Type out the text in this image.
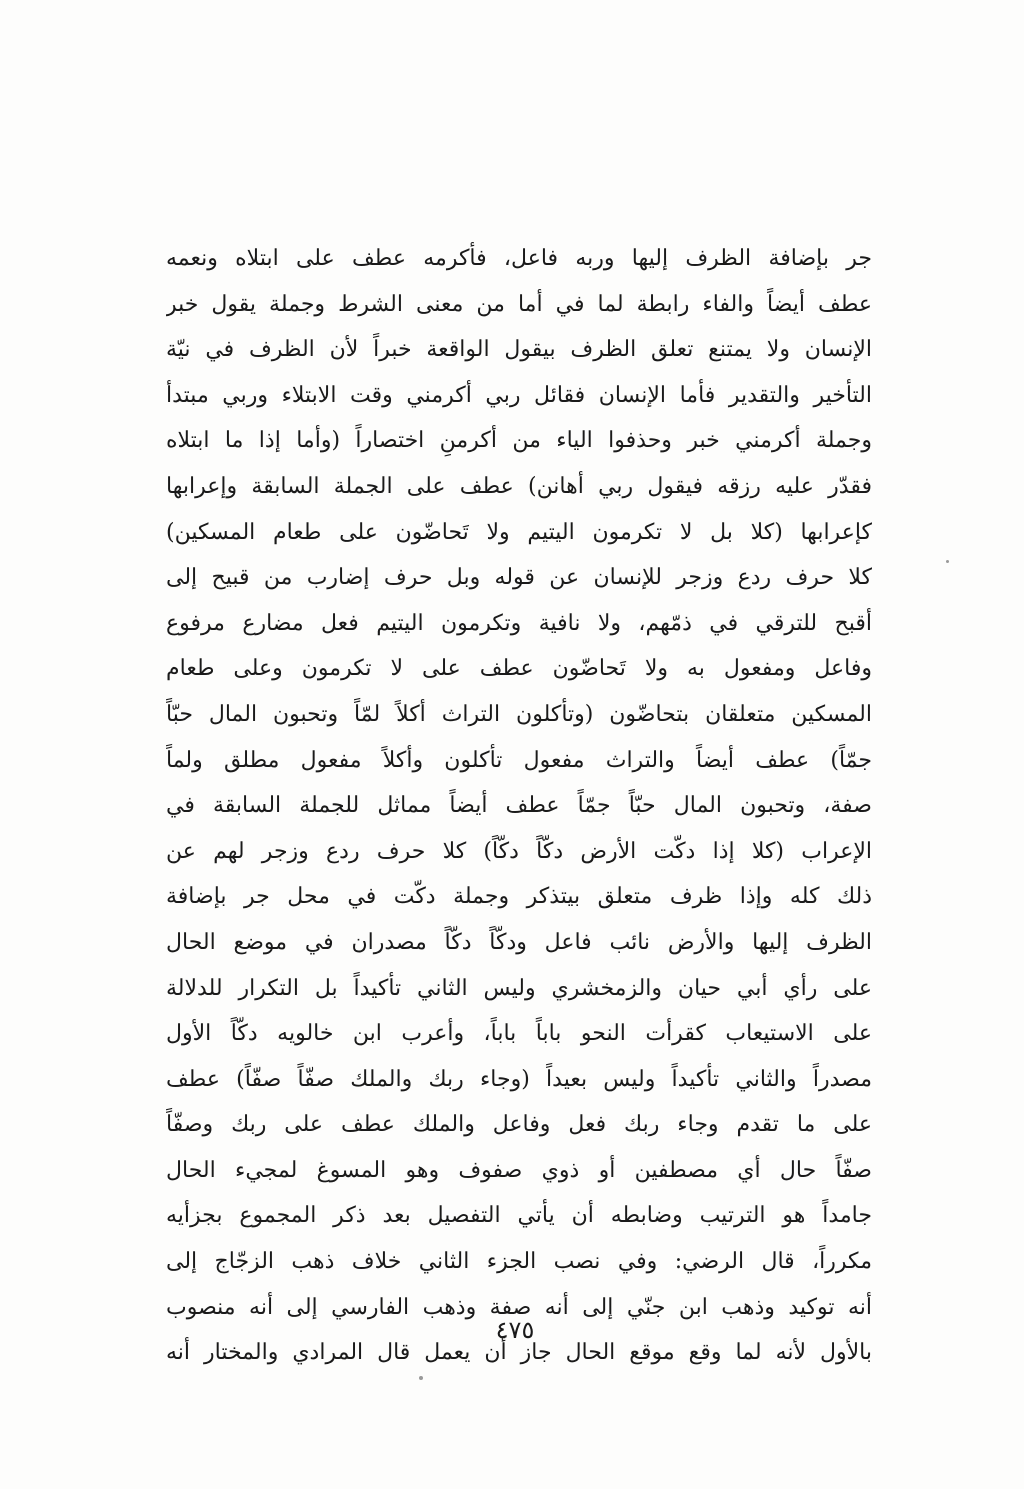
جر بإضافة الظرف إليها وربه فاعل، فأكرمه عطف على ابتلاه ونعمه
عطف أيضاً والفاء رابطة لما في أما من معنى الشرط وجملة يقول خبر
الإنسان ولا يمتنع تعلق الظرف بيقول الواقعة خبراً لأن الظرف في نيّة
التأخير والتقدير فأما الإنسان فقائل ربي أكرمني وقت الابتلاء وربي مبتدأ
وجملة أكرمني خبر وحذفوا الياء من أكرمنِ اختصاراً (وأما إذا ما ابتلاه
فقدّر عليه رزقه فيقول ربي أهانن) عطف على الجملة السابقة وإعرابها
كإعرابها (كلا بل لا تكرمون اليتيم ولا تَحاضّون على طعام المسكين)
كلا حرف ردع وزجر للإنسان عن قوله وبل حرف إضارب من قبيح إلى
أقبح للترقي في ذمّهم، ولا نافية وتكرمون اليتيم فعل مضارع مرفوع
وفاعل ومفعول به ولا تَحاضّون عطف على لا تكرمون وعلى طعام
المسكين متعلقان بتحاضّون (وتأكلون التراث أكلاً لمّاً وتحبون المال حبّاً
جمّاً) عطف أيضاً والتراث مفعول تأكلون وأكلاً مفعول مطلق ولماً
صفة، وتحبون المال حبّاً جمّاً عطف أيضاً مماثل للجملة السابقة في
الإعراب (كلا إذا دكّت الأرض دكّاً دكّاً) كلا حرف ردع وزجر لهم عن
ذلك كله وإذا ظرف متعلق بيتذكر وجملة دكّت في محل جر بإضافة
الظرف إليها والأرض نائب فاعل ودكّاً دكّاً مصدران في موضع الحال
على رأي أبي حيان والزمخشري وليس الثاني تأكيداً بل التكرار للدلالة
على الاستيعاب كقرأت النحو باباً باباً، وأعرب ابن خالويه دكّاً الأول
مصدراً والثاني تأكيداً وليس بعيداً (وجاء ربك والملك صفّاً صفّاً) عطف
على ما تقدم وجاء ربك فعل وفاعل والملك عطف على ربك وصفّاً
صفّاً حال أي مصطفين أو ذوي صفوف وهو المسوغ لمجيء الحال
جامداً هو الترتيب وضابطه أن يأتي التفصيل بعد ذكر المجموع بجزأيه
مكرراً، قال الرضي: وفي نصب الجزء الثاني خلاف ذهب الزجّاج إلى
أنه توكيد وذهب ابن جنّي إلى أنه صفة وذهب الفارسي إلى أنه منصوب
بالأول لأنه لما وقع موقع الحال جاز أن يعمل قال المرادي والمختار أنه
٤٧٥
